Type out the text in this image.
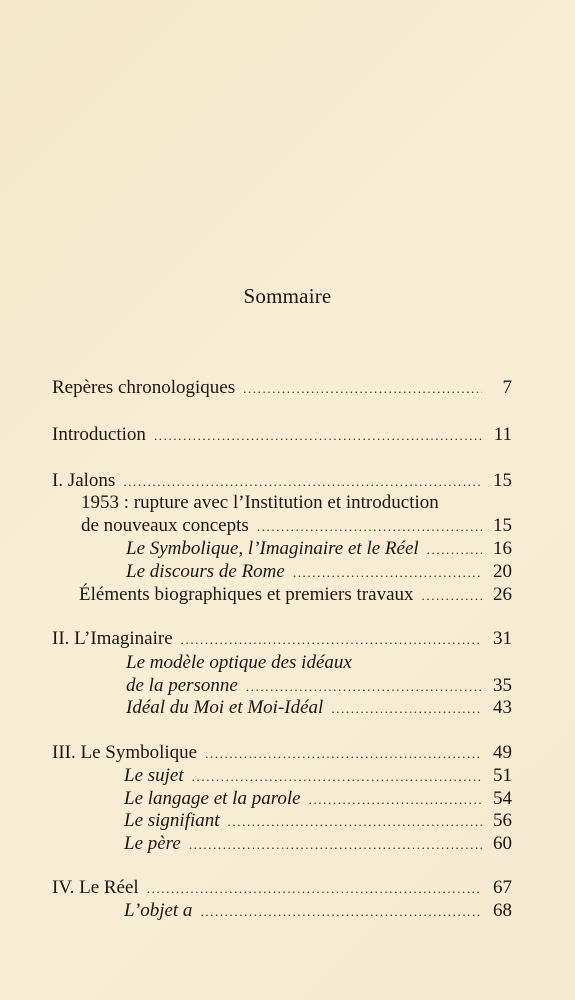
Sommaire
Repères chronologiques .....	7
Introduction .....	11
I. Jalons .....	15
1953 : rupture avec l’Institution et introduction
de nouveaux concepts .....	15
Le Symbolique, l’Imaginaire et le Réel .....	16
Le discours de Rome .....	20
Éléments biographiques et premiers travaux .....	26
II. L’Imaginaire .....	31
Le modèle optique des idéaux
de la personne .....	35
Idéal du Moi et Moi-Idéal .....	43
III. Le Symbolique .....	49
Le sujet .....	51
Le langage et la parole .....	54
Le signifiant .....	56
Le père .....	60
IV. Le Réel .....	67
L’objet a .....	68
